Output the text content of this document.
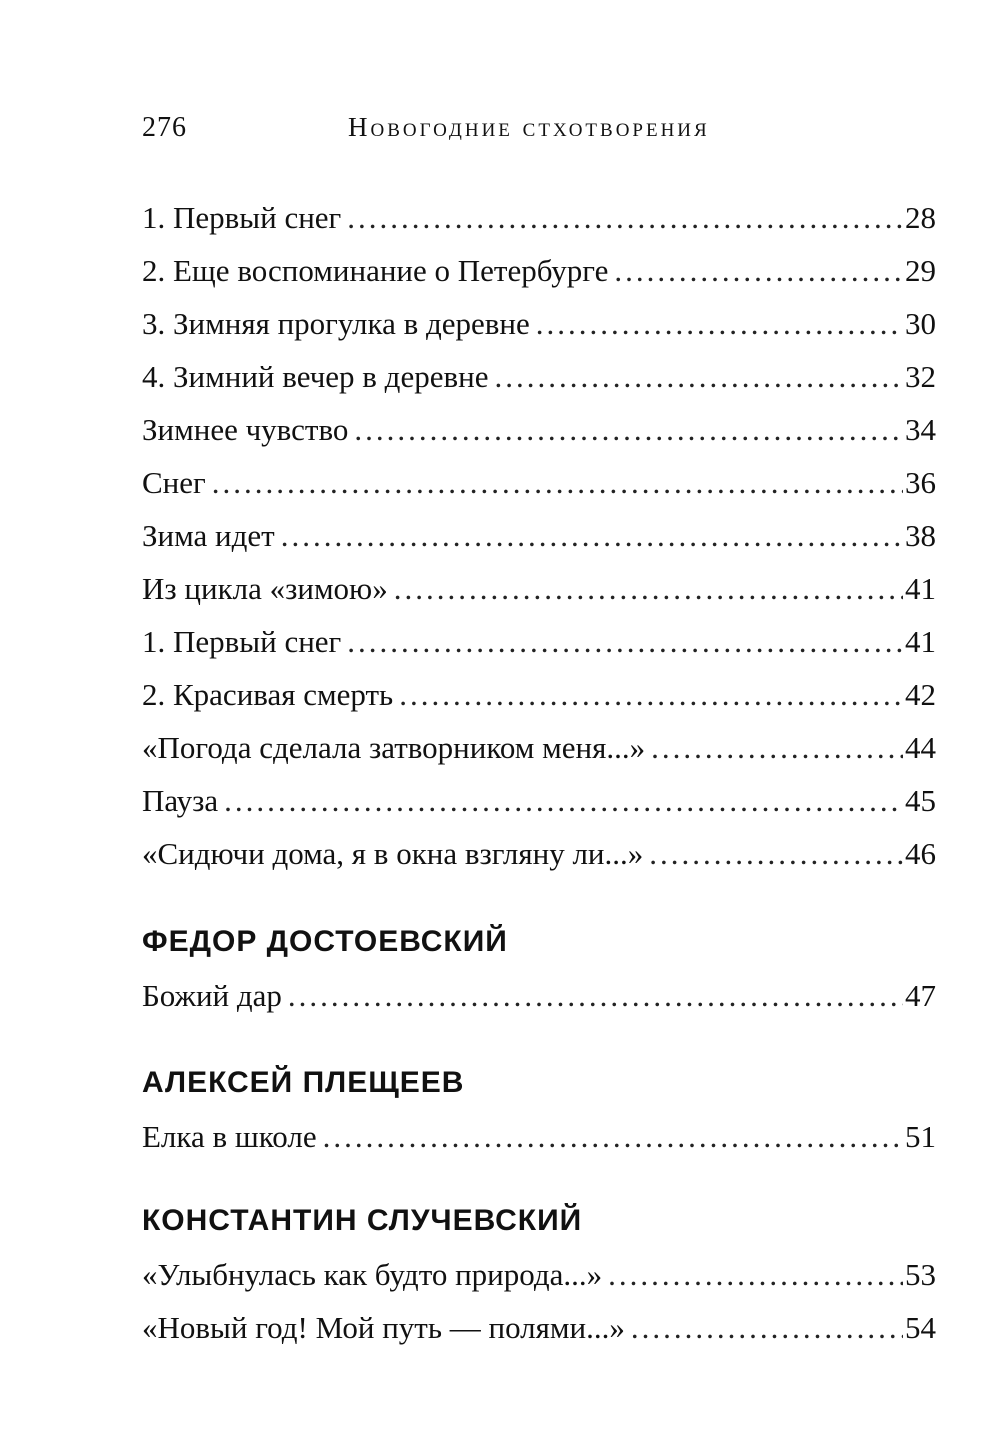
276	Новогодние стхотворения
1. Первый снег .....	28
2. Еще воспоминание о Петербурге .....	29
3. Зимняя прогулка в деревне .....	30
4. Зимний вечер в деревне .....	32
Зимнее чувство .....	34
Снег .....	36
Зима идет .....	38
Из цикла «зимою» .....	41
1. Первый снег .....	41
2. Красивая смерть .....	42
«Погода сделала затворником меня...» .....	44
Пауза .....	45
«Сидючи дома, я в окна взгляну ли...» .....	46
ФЕДОР ДОСТОЕВСКИЙ
Божий дар .....	47
АЛЕКСЕЙ ПЛЕЩЕЕВ
Елка в школе .....	51
КОНСТАНТИН СЛУЧЕВСКИЙ
«Улыбнулась как будто природа...» .....	53
«Новый год! Мой путь — полями...» .....	54
